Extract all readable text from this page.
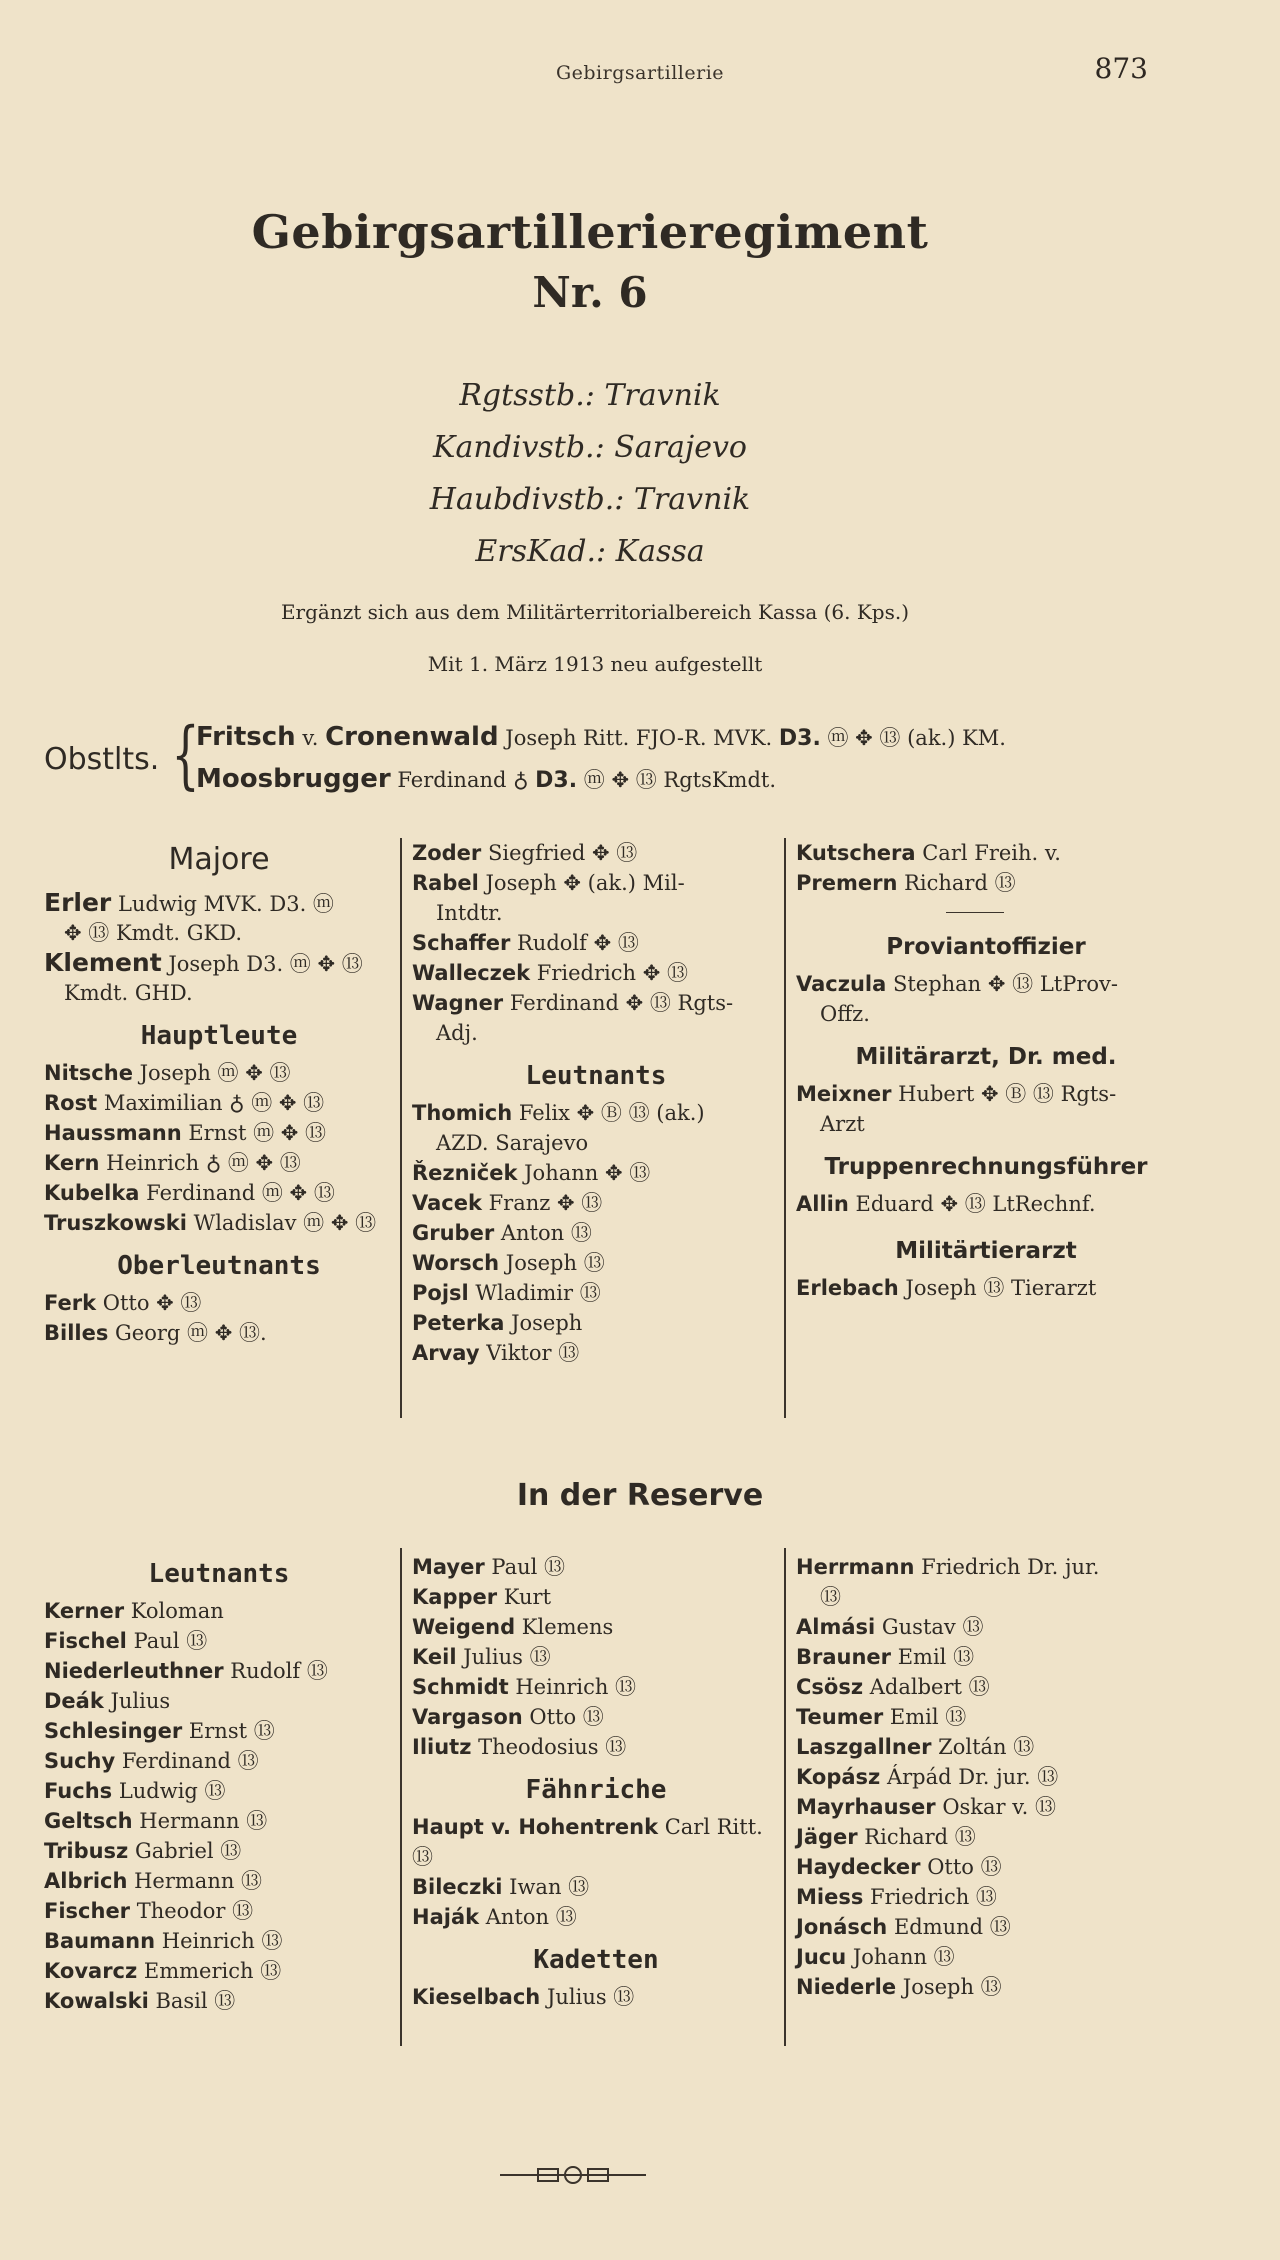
Gebirgsartillerie	873
Gebirgsartillerieregiment
Nr. 6
Rgtsstb.: Travnik
Kandivstb.: Sarajevo
Haubdivstb.: Travnik
ErsKad.: Kassa
Ergänzt sich aus dem Militärterritorialbereich Kassa (6. Kps.)
Mit 1. März 1913 neu aufgestellt
Obstlts. {
Fritsch v. Cronenwald Joseph Ritt. FJO-R. MVK. D3. ⓜ ✥ ⑬ (ak.) KM.
Moosbrugger Ferdinand ♁ D3. ⓜ ✥ ⑬ RgtsKmdt.
Majore
Erler Ludwig MVK. D3. ⓜ
✥ ⑬ Kmdt. GKD.
Klement Joseph D3. ⓜ ✥ ⑬
Kmdt. GHD.
Hauptleute
Nitsche Joseph ⓜ ✥ ⑬
Rost Maximilian ♁ ⓜ ✥ ⑬
Haussmann Ernst ⓜ ✥ ⑬
Kern Heinrich ♁ ⓜ ✥ ⑬
Kubelka Ferdinand ⓜ ✥ ⑬
Truszkowski Wladislav ⓜ ✥ ⑬
Oberleutnants
Ferk Otto ✥ ⑬
Billes Georg ⓜ ✥ ⑬.
Zoder Siegfried ✥ ⑬
Rabel Joseph ✥ (ak.) Mil-
Intdtr.
Schaffer Rudolf ✥ ⑬
Walleczek Friedrich ✥ ⑬
Wagner Ferdinand ✥ ⑬ Rgts-
Adj.
Leutnants
Thomich Felix ✥ Ⓑ ⑬ (ak.)
AZD. Sarajevo
Řezniček Johann ✥ ⑬
Vacek Franz ✥ ⑬
Gruber Anton ⑬
Worsch Joseph ⑬
Pojsl Wladimir ⑬
Peterka Joseph
Arvay Viktor ⑬
Kutschera Carl Freih. v.
Premern Richard ⑬
Proviantoffizier
Vaczula Stephan ✥ ⑬ LtProv-
Offz.
Militärarzt, Dr. med.
Meixner Hubert ✥ Ⓑ ⑬ Rgts-
Arzt
Truppenrechnungsführer
Allin Eduard ✥ ⑬ LtRechnf.
Militärtierarzt
Erlebach Joseph ⑬ Tierarzt
In der Reserve
Leutnants
Kerner Koloman
Fischel Paul ⑬
Niederleuthner Rudolf ⑬
Deák Julius
Schlesinger Ernst ⑬
Suchy Ferdinand ⑬
Fuchs Ludwig ⑬
Geltsch Hermann ⑬
Tribusz Gabriel ⑬
Albrich Hermann ⑬
Fischer Theodor ⑬
Baumann Heinrich ⑬
Kovarcz Emmerich ⑬
Kowalski Basil ⑬
Mayer Paul ⑬
Kapper Kurt
Weigend Klemens
Keil Julius ⑬
Schmidt Heinrich ⑬
Vargason Otto ⑬
Iliutz Theodosius ⑬
Fähnriche
Haupt v. Hohentrenk Carl Ritt.
⑬
Bileczki Iwan ⑬
Haják Anton ⑬
Kadetten
Kieselbach Julius ⑬
Herrmann Friedrich Dr. jur.
⑬
Almási Gustav ⑬
Brauner Emil ⑬
Csösz Adalbert ⑬
Teumer Emil ⑬
Laszgallner Zoltán ⑬
Kopász Árpád Dr. jur. ⑬
Mayrhauser Oskar v. ⑬
Jäger Richard ⑬
Haydecker Otto ⑬
Miess Friedrich ⑬
Jonásch Edmund ⑬
Jucu Johann ⑬
Niederle Joseph ⑬
